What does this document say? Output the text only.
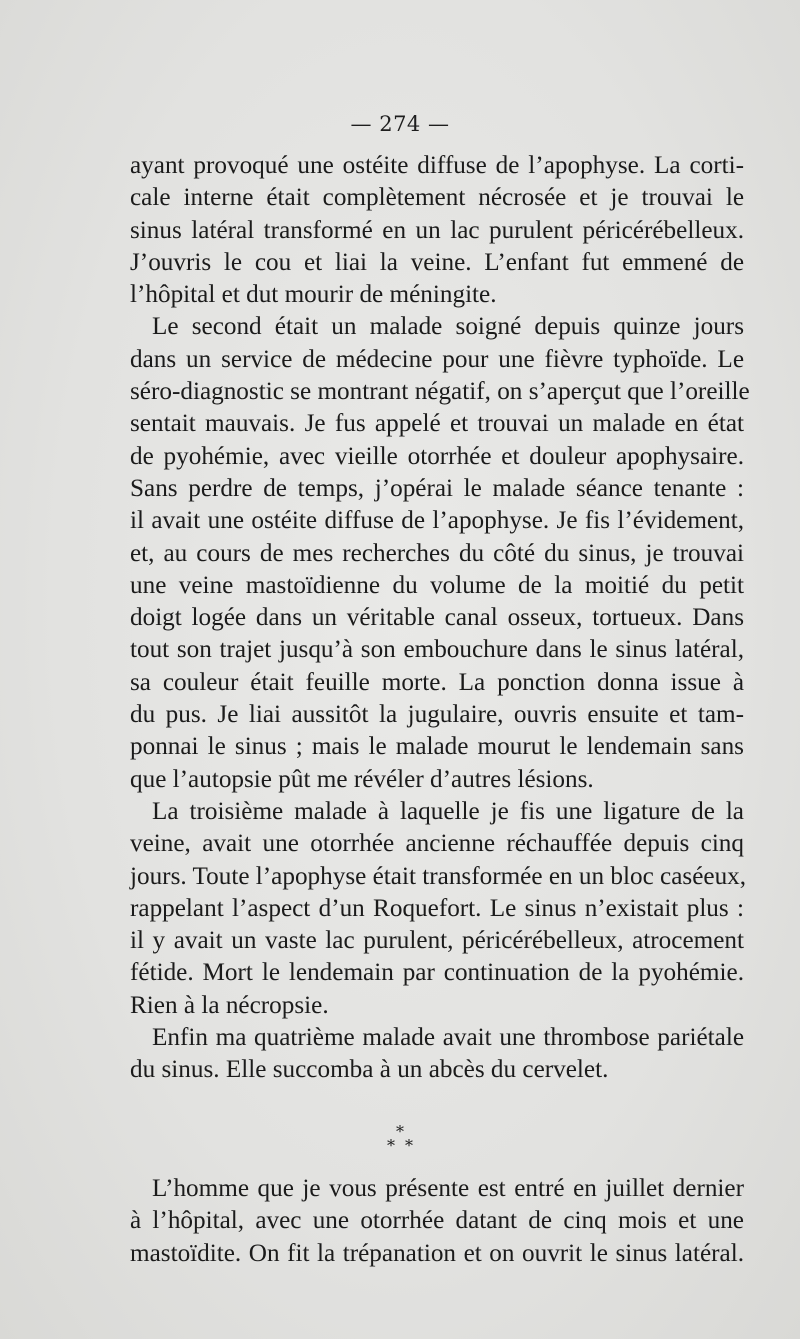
— 274 —
ayant provoqué une ostéite diffuse de l’apophyse. La corti-
cale interne était complètement nécrosée et je trouvai le
sinus latéral transformé en un lac purulent péricérébelleux.
J’ouvris le cou et liai la veine. L’enfant fut emmené de
l’hôpital et dut mourir de méningite.
Le second était un malade soigné depuis quinze jours
dans un service de médecine pour une fièvre typhoïde. Le
séro-diagnostic se montrant négatif, on s’aperçut que l’oreille
sentait mauvais. Je fus appelé et trouvai un malade en état
de pyohémie, avec vieille otorrhée et douleur apophysaire.
Sans perdre de temps, j’opérai le malade séance tenante :
il avait une ostéite diffuse de l’apophyse. Je fis l’évidement,
et, au cours de mes recherches du côté du sinus, je trouvai
une veine mastoïdienne du volume de la moitié du petit
doigt logée dans un véritable canal osseux, tortueux. Dans
tout son trajet jusqu’à son embouchure dans le sinus latéral,
sa couleur était feuille morte. La ponction donna issue à
du pus. Je liai aussitôt la jugulaire, ouvris ensuite et tam-
ponnai le sinus ; mais le malade mourut le lendemain sans
que l’autopsie pût me révéler d’autres lésions.
La troisième malade à laquelle je fis une ligature de la
veine, avait une otorrhée ancienne réchauffée depuis cinq
jours. Toute l’apophyse était transformée en un bloc caséeux,
rappelant l’aspect d’un Roquefort. Le sinus n’existait plus :
il y avait un vaste lac purulent, péricérébelleux, atrocement
fétide. Mort le lendemain par continuation de la pyohémie.
Rien à la nécropsie.
Enfin ma quatrième malade avait une thrombose pariétale
du sinus. Elle succomba à un abcès du cervelet.
*
* *
L’homme que je vous présente est entré en juillet dernier
à l’hôpital, avec une otorrhée datant de cinq mois et une
mastoïdite. On fit la trépanation et on ouvrit le sinus latéral.
